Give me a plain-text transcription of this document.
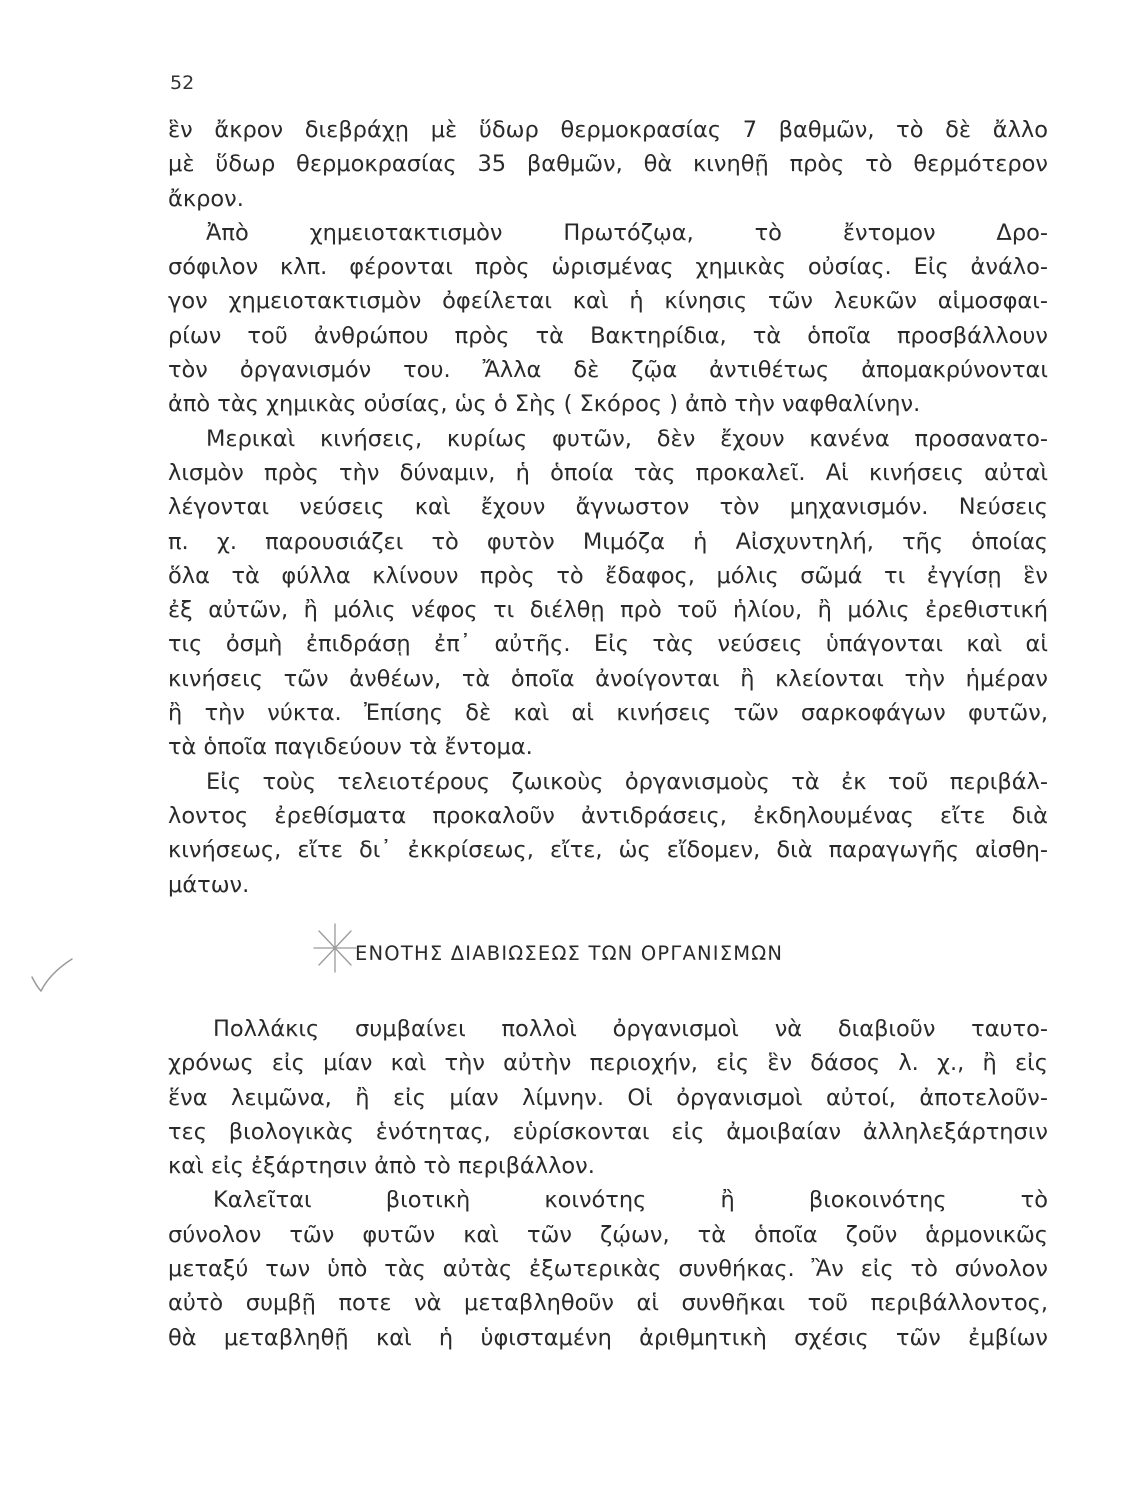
52
ἓν ἄκρον διεβράχῃ μὲ ὕδωρ θερμοκρασίας 7 βαθμῶν, τὸ δὲ ἄλλο
μὲ ὕδωρ θερμοκρασίας 35 βαθμῶν, θὰ κινηθῇ πρὸς τὸ θερμότερον
ἄκρον.
Ἀπὸ χημειοτακτισμὸν Πρωτόζῳα, τὸ ἔντομον Δρο-
σόφιλον κλπ. φέρονται πρὸς ὡρισμένας χημικὰς οὐσίας. Εἰς ἀνάλο-
γον χημειοτακτισμὸν ὀφείλεται καὶ ἡ κίνησις τῶν λευκῶν αἱμοσφαι-
ρίων τοῦ ἀνθρώπου πρὸς τὰ Βακτηρίδια, τὰ ὁποῖα προσβάλλουν
τὸν ὀργανισμόν του. Ἄλλα δὲ ζῷα ἀντιθέτως ἀπομακρύνονται
ἀπὸ τὰς χημικὰς οὐσίας, ὡς ὁ Σὴς ( Σκόρος ) ἀπὸ τὴν ναφθαλίνην.
Μερικαὶ κινήσεις, κυρίως φυτῶν, δὲν ἔχουν κανένα προσανατο-
λισμὸν πρὸς τὴν δύναμιν, ἡ ὁποία τὰς προκαλεῖ. Αἱ κινήσεις αὐταὶ
λέγονται νεύσεις καὶ ἔχουν ἄγνωστον τὸν μηχανισμόν. Νεύσεις
π. χ. παρουσιάζει τὸ φυτὸν Μιμόζα ἡ Αἰσχυντηλή, τῆς ὁποίας
ὅλα τὰ φύλλα κλίνουν πρὸς τὸ ἔδαφος, μόλις σῶμά τι ἐγγίσῃ ἓν
ἐξ αὐτῶν, ἢ μόλις νέφος τι διέλθῃ πρὸ τοῦ ἡλίου, ἢ μόλις ἐρεθιστική
τις ὀσμὴ ἐπιδράσῃ ἐπ᾽ αὐτῆς. Εἰς τὰς νεύσεις ὑπάγονται καὶ αἱ
κινήσεις τῶν ἀνθέων, τὰ ὁποῖα ἀνοίγονται ἢ κλείονται τὴν ἡμέραν
ἢ τὴν νύκτα. Ἐπίσης δὲ καὶ αἱ κινήσεις τῶν σαρκοφάγων φυτῶν,
τὰ ὁποῖα παγιδεύουν τὰ ἔντομα.
Εἰς τοὺς τελειοτέρους ζωικοὺς ὀργανισμοὺς τὰ ἐκ τοῦ περιβάλ-
λοντος ἐρεθίσματα προκαλοῦν ἀντιδράσεις, ἐκδηλουμένας εἴτε διὰ
κινήσεως, εἴτε δι᾽ ἐκκρίσεως, εἴτε, ὡς εἴδομεν, διὰ παραγωγῆς αἰσθη-
μάτων.
ΕΝΟΤΗΣ ΔΙΑΒΙΩΣΕΩΣ ΤΩΝ ΟΡΓΑΝΙΣΜΩΝ
Πολλάκις συμβαίνει πολλοὶ ὀργανισμοὶ νὰ διαβιοῦν ταυτο-
χρόνως εἰς μίαν καὶ τὴν αὐτὴν περιοχήν, εἰς ἓν δάσος λ. χ., ἢ εἰς
ἕνα λειμῶνα, ἢ εἰς μίαν λίμνην. Οἱ ὀργανισμοὶ αὐτοί, ἀποτελοῦν-
τες βιολογικὰς ἑνότητας, εὑρίσκονται εἰς ἀμοιβαίαν ἀλληλεξάρτησιν
καὶ εἰς ἐξάρτησιν ἀπὸ τὸ περιβάλλον.
Καλεῖται βιοτικὴ κοινότης ἢ βιοκοινότης τὸ
σύνολον τῶν φυτῶν καὶ τῶν ζῴων, τὰ ὁποῖα ζοῦν ἁρμονικῶς
μεταξύ των ὑπὸ τὰς αὐτὰς ἐξωτερικὰς συνθήκας. Ἂν εἰς τὸ σύνολον
αὐτὸ συμβῇ ποτε νὰ μεταβληθοῦν αἱ συνθῆκαι τοῦ περιβάλλοντος,
θὰ μεταβληθῇ καὶ ἡ ὑφισταμένη ἀριθμητικὴ σχέσις τῶν ἐμβίων
